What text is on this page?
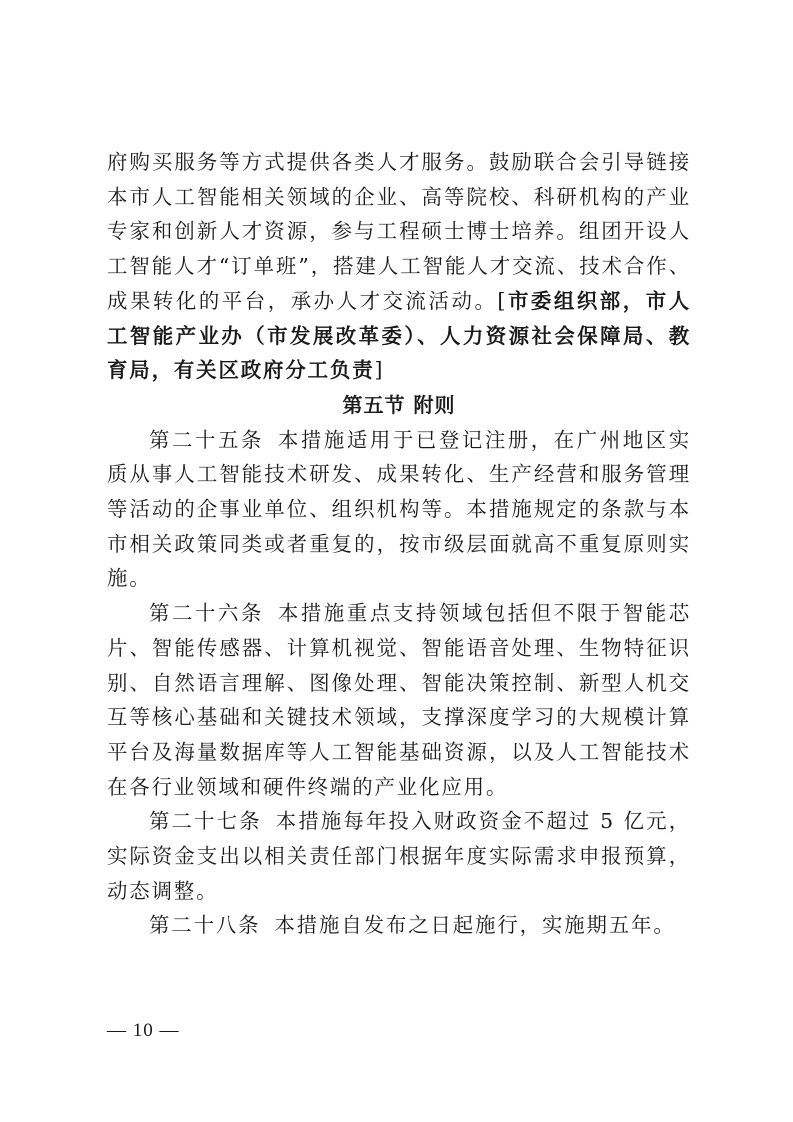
府购买服务等方式提供各类人才服务。鼓励联合会引导链接本市人工智能相关领域的企业、高等院校、科研机构的产业专家和创新人才资源，参与工程硕士博士培养。组团开设人工智能人才“订单班”，搭建人工智能人才交流、技术合作、成果转化的平台，承办人才交流活动。[市委组织部，市人工智能产业办（市发展改革委）、人力资源社会保障局、教育局，有关区政府分工负责]

第五节 附则

第二十五条 本措施适用于已登记注册，在广州地区实质从事人工智能技术研发、成果转化、生产经营和服务管理等活动的企事业单位、组织机构等。本措施规定的条款与本市相关政策同类或者重复的，按市级层面就高不重复原则实施。

第二十六条 本措施重点支持领域包括但不限于智能芯片、智能传感器、计算机视觉、智能语音处理、生物特征识别、自然语言理解、图像处理、智能决策控制、新型人机交互等核心基础和关键技术领域，支撑深度学习的大规模计算平台及海量数据库等人工智能基础资源，以及人工智能技术在各行业领域和硬件终端的产业化应用。

第二十七条 本措施每年投入财政资金不超过 5 亿元，实际资金支出以相关责任部门根据年度实际需求申报预算，动态调整。

第二十八条 本措施自发布之日起施行，实施期五年。

— 10 —
